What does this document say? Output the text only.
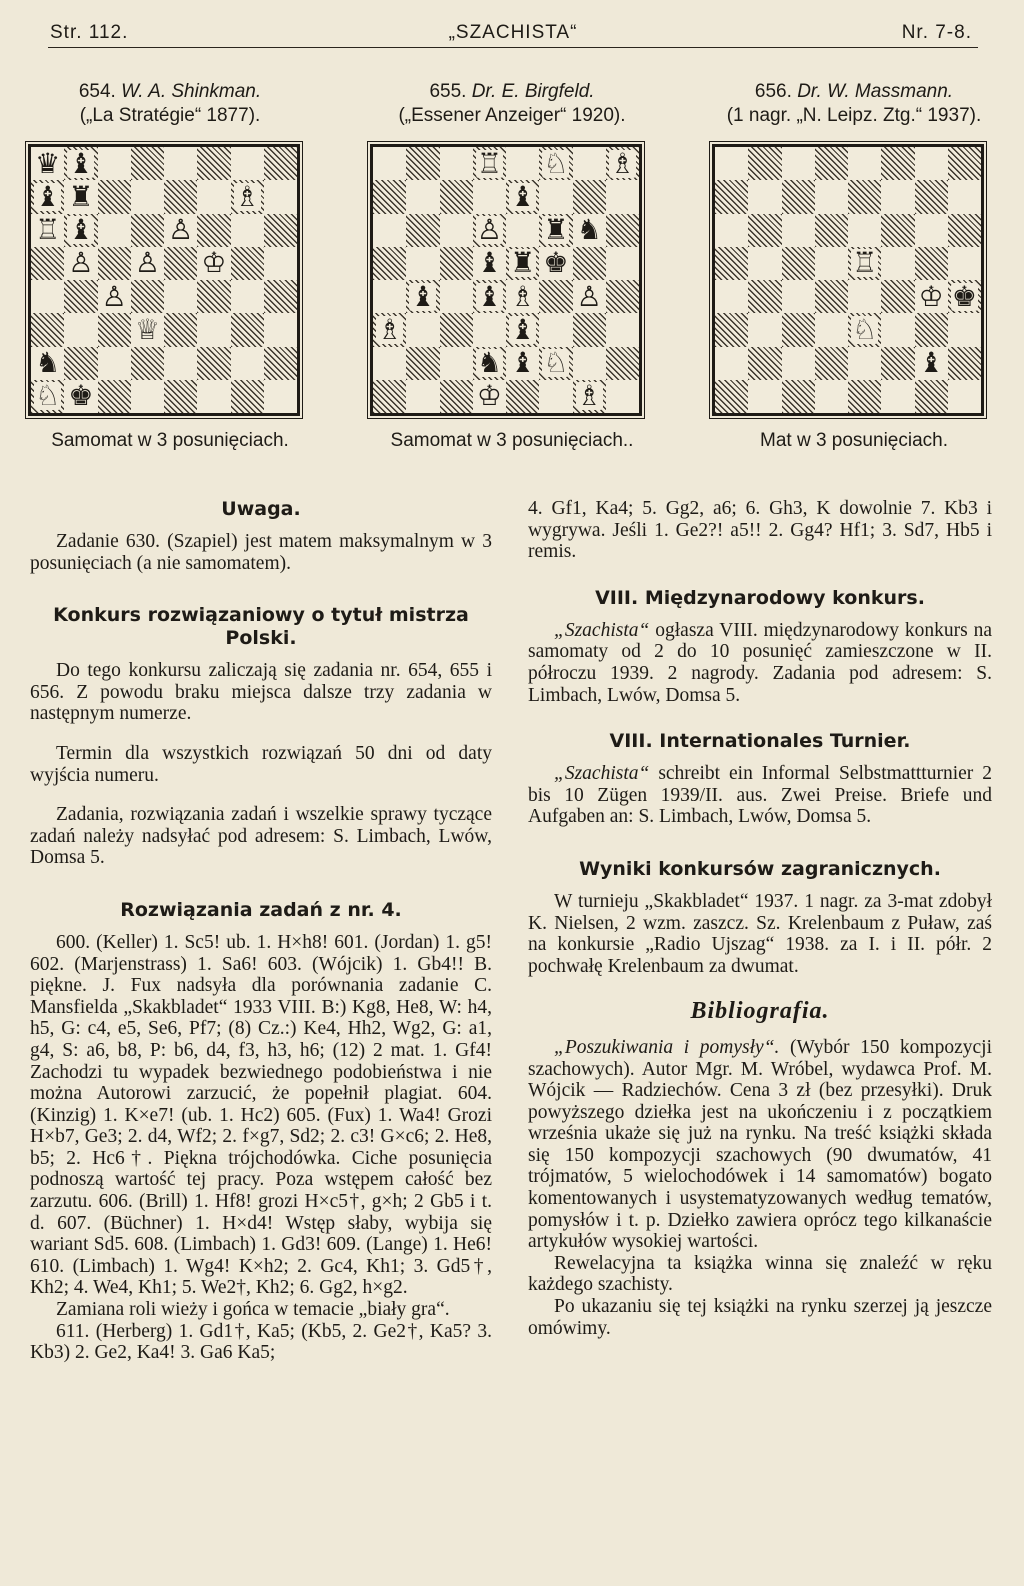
Str. 112.	„SZACHISTA“	Nr. 7-8.
654. W. A. Shinkman.
(„La Stratégie“ 1877).
♛ ♝
♝ ♜	♗
♖ ♝	♙
♙ ♙ ♔
♙
♕
♞
♘ ♚
Samomat w 3 posunięciach.
655. Dr. E. Birgfeld.
(„Essener Anzeiger“ 1920).
♖ ♘ ♗
♝
♙ ♜ ♞
♝ ♜ ♚
♝ ♝ ♗ ♙
♗	♝
♞ ♝ ♘
♔	♗
Samomat w 3 posunięciach..
656. Dr. W. Massmann.
(1 nagr. „N. Leipz. Ztg.“ 1937).
♖
♔ ♚
♘
♝
Mat w 3 posunięciach.
Uwaga.

Zadanie 630. (Szapiel) jest matem maksymalnym w 3 posunięciach (a nie samomatem).

Konkurs rozwiązaniowy o tytuł mistrza Polski.

Do tego konkursu zaliczają się zadania nr. 654, 655 i 656. Z powodu braku miejsca dalsze trzy zadania w następnym numerze.

Termin dla wszystkich rozwiązań 50 dni od daty wyjścia numeru.

Zadania, rozwiązania zadań i wszelkie sprawy tyczące zadań należy nadsyłać pod adresem: S. Limbach, Lwów, Domsa 5.

Rozwiązania zadań z nr. 4.

600. (Keller) 1. Sc5! ub. 1. H×h8! 601. (Jordan) 1. g5! 602. (Marjenstrass) 1. Sa6! 603. (Wójcik) 1. Gb4!! B. piękne. J. Fux nadsyła dla porównania zadanie C. Mansfielda „Skakbladet“ 1933 VIII. B:) Kg8, He8, W: h4, h5, G: c4, e5, Se6, Pf7; (8) Cz.:) Ke4, Hh2, Wg2, G: a1, g4, S: a6, b8, P: b6, d4, f3, h3, h6; (12) 2 mat. 1. Gf4! Zachodzi tu wypadek bezwiednego podobieństwa i nie można Autorowi zarzucić, że popełnił plagiat. 604. (Kinzig) 1. K×e7! (ub. 1. Hc2) 605. (Fux) 1. Wa4! Grozi H×b7, Ge3; 2. d4, Wf2; 2. f×g7, Sd2; 2. c3! G×c6; 2. He8, b5; 2. Hc6†. Piękna trójchodówka. Ciche posunięcia podnoszą wartość tej pracy. Poza wstępem całość bez zarzutu. 606. (Brill) 1. Hf8! grozi H×c5†, g×h; 2 Gb5 i t. d. 607. (Büchner) 1. H×d4! Wstęp słaby, wybija się wariant Sd5. 608. (Limbach) 1. Gd3! 609. (Lange) 1. He6! 610. (Limbach) 1. Wg4! K×h2; 2. Gc4, Kh1; 3. Gd5†, Kh2; 4. We4, Kh1; 5. We2†, Kh2; 6. Gg2, h×g2.

Zamiana roli wieży i gońca w temacie „biały gra“.

611. (Herberg) 1. Gd1†, Ka5; (Kb5, 2. Ge2†, Ka5? 3. Kb3) 2. Ge2, Ka4! 3. Ga6 Ka5;

4. Gf1, Ka4; 5. Gg2, a6; 6. Gh3, K dowolnie 7. Kb3 i wygrywa. Jeśli 1. Ge2?! a5!! 2. Gg4? Hf1; 3. Sd7, Hb5 i remis.

VIII. Międzynarodowy konkurs.

„Szachista“ ogłasza VIII. międzynarodowy konkurs na samomaty od 2 do 10 posunięć zamieszczone w II. półroczu 1939. 2 nagrody. Zadania pod adresem: S. Limbach, Lwów, Domsa 5.

VIII. Internationales Turnier.

„Szachista“ schreibt ein Informal Selbstmattturnier 2 bis 10 Zügen 1939/II. aus. Zwei Preise. Briefe und Aufgaben an: S. Limbach, Lwów, Domsa 5.

Wyniki konkursów zagranicznych.

W turnieju „Skakbladet“ 1937. 1 nagr. za 3-mat zdobył K. Nielsen, 2 wzm. zaszcz. Sz. Krelenbaum z Puław, zaś na konkursie „Radio Ujszag“ 1938. za I. i II. półr. 2 pochwałę Krelenbaum za dwumat.

Bibliografia.

„Poszukiwania i pomysły“. (Wybór 150 kompozycji szachowych). Autor Mgr. M. Wróbel, wydawca Prof. M. Wójcik — Radziechów. Cena 3 zł (bez przesyłki). Druk powyższego dziełka jest na ukończeniu i z początkiem września ukaże się już na rynku. Na treść książki składa się 150 kompozycji szachowych (90 dwumatów, 41 trójmatów, 5 wielochodówek i 14 samomatów) bogato komentowanych i usystematyzowanych według tematów, pomysłów i t. p. Dziełko zawiera oprócz tego kilkanaście artykułów wysokiej wartości.

Rewelacyjna ta książka winna się znaleźć w ręku każdego szachisty.

Po ukazaniu się tej książki na rynku szerzej ją jeszcze omówimy.
